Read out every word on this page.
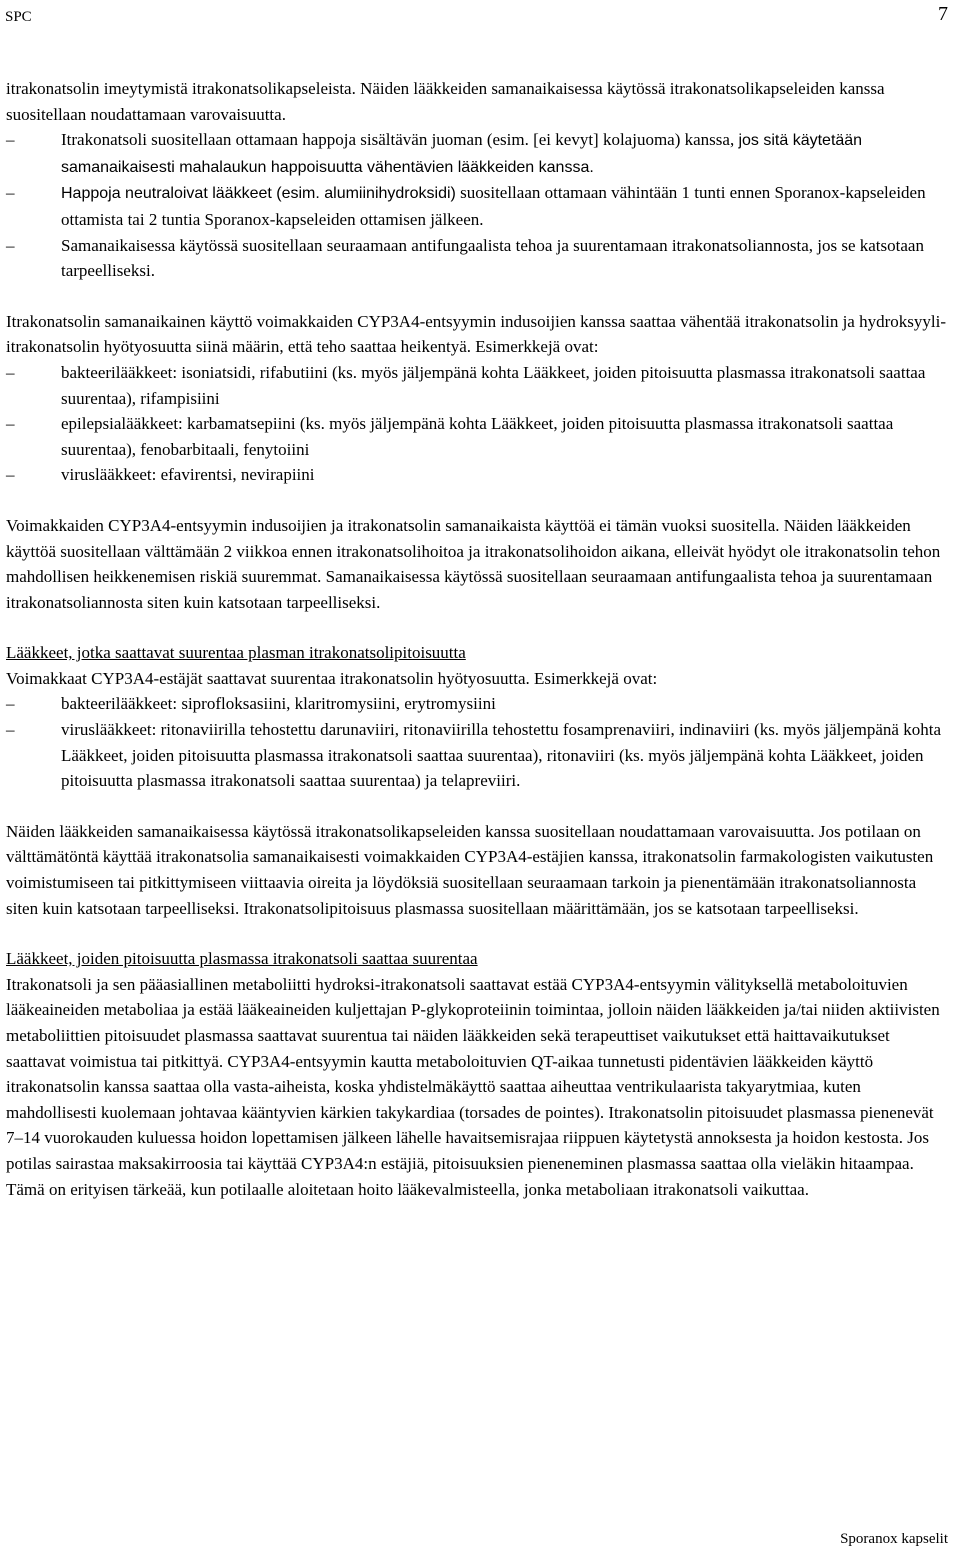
SPC	7

itrakonatsolin imeytymistä itrakonatsolikapseleista. Näiden lääkkeiden samanaikaisessa käytössä itrakonatsolikapseleiden kanssa suositellaan noudattamaan varovaisuutta.

– Itrakonatsoli suositellaan ottamaan happoja sisältävän juoman (esim. [ei kevyt] kolajuoma) kanssa, jos sitä käytetään samanaikaisesti mahalaukun happoisuutta vähentävien lääkkeiden kanssa.
– Happoja neutraloivat lääkkeet (esim. alumiinihydroksidi) suositellaan ottamaan vähintään 1 tunti ennen Sporanox-kapseleiden ottamista tai 2 tuntia Sporanox-kapseleiden ottamisen jälkeen.
– Samanaikaisessa käytössä suositellaan seuraamaan antifungaalista tehoa ja suurentamaan itrakonatsoliannosta, jos se katsotaan tarpeelliseksi.

Itrakonatsolin samanaikainen käyttö voimakkaiden CYP3A4-entsyymin indusoijien kanssa saattaa vähentää itrakonatsolin ja hydroksyyli-itrakonatsolin hyötyosuutta siinä määrin, että teho saattaa heikentyä. Esimerkkejä ovat:

– bakteerilääkkeet: isoniatsidi, rifabutiini (ks. myös jäljempänä kohta Lääkkeet, joiden pitoisuutta plasmassa itrakonatsoli saattaa suurentaa), rifampisiini
– epilepsialääkkeet: karbamatsepiini (ks. myös jäljempänä kohta Lääkkeet, joiden pitoisuutta plasmassa itrakonatsoli saattaa suurentaa), fenobarbitaali, fenytoiini
– viruslääkkeet: efavirentsi, nevirapiini

Voimakkaiden CYP3A4-entsyymin indusoijien ja itrakonatsolin samanaikaista käyttöä ei tämän vuoksi suositella. Näiden lääkkeiden käyttöä suositellaan välttämään 2 viikkoa ennen itrakonatsolihoitoa ja itrakonatsolihoidon aikana, elleivät hyödyt ole itrakonatsolin tehon mahdollisen heikkenemisen riskiä suuremmat. Samanaikaisessa käytössä suositellaan seuraamaan antifungaalista tehoa ja suurentamaan itrakonatsoliannosta siten kuin katsotaan tarpeelliseksi.

Lääkkeet, jotka saattavat suurentaa plasman itrakonatsolipitoisuutta

Voimakkaat CYP3A4-estäjät saattavat suurentaa itrakonatsolin hyötyosuutta. Esimerkkejä ovat:

– bakteerilääkkeet: siprofloksasiini, klaritromysiini, erytromysiini
– viruslääkkeet: ritonaviirilla tehostettu darunaviiri, ritonaviirilla tehostettu fosamprenaviiri, indinaviiri (ks. myös jäljempänä kohta Lääkkeet, joiden pitoisuutta plasmassa itrakonatsoli saattaa suurentaa), ritonaviiri (ks. myös jäljempänä kohta Lääkkeet, joiden pitoisuutta plasmassa itrakonatsoli saattaa suurentaa) ja telapreviiri.

Näiden lääkkeiden samanaikaisessa käytössä itrakonatsolikapseleiden kanssa suositellaan noudattamaan varovaisuutta. Jos potilaan on välttämätöntä käyttää itrakonatsolia samanaikaisesti voimakkaiden CYP3A4-estäjien kanssa, itrakonatsolin farmakologisten vaikutusten voimistumiseen tai pitkittymiseen viittaavia oireita ja löydöksiä suositellaan seuraamaan tarkoin ja pienentämään itrakonatsoliannosta siten kuin katsotaan tarpeelliseksi. Itrakonatsolipitoisuus plasmassa suositellaan määrittämään, jos se katsotaan tarpeelliseksi.

Lääkkeet, joiden pitoisuutta plasmassa itrakonatsoli saattaa suurentaa

Itrakonatsoli ja sen pääasiallinen metaboliitti hydroksi-itrakonatsoli saattavat estää CYP3A4-entsyymin välityksellä metaboloituvien lääkeaineiden metaboliaa ja estää lääkeaineiden kuljettajan P-glykoproteiinin toimintaa, jolloin näiden lääkkeiden ja/tai niiden aktiivisten metaboliittien pitoisuudet plasmassa saattavat suurentua tai näiden lääkkeiden sekä terapeuttiset vaikutukset että haittavaikutukset saattavat voimistua tai pitkittyä. CYP3A4-entsyymin kautta metaboloituvien QT-aikaa tunnetusti pidentävien lääkkeiden käyttö itrakonatsolin kanssa saattaa olla vasta-aiheista, koska yhdistelmäkäyttö saattaa aiheuttaa ventrikulaarista takyarytmiaa, kuten mahdollisesti kuolemaan johtavaa kääntyvien kärkien takykardiaa (torsades de pointes). Itrakonatsolin pitoisuudet plasmassa pienenevät 7–14 vuorokauden kuluessa hoidon lopettamisen jälkeen lähelle havaitsemisrajaa riippuen käytetystä annoksesta ja hoidon kestosta. Jos potilas sairastaa maksakirroosia tai käyttää CYP3A4:n estäjiä, pitoisuuksien pieneneminen plasmassa saattaa olla vieläkin hitaampaa. Tämä on erityisen tärkeää, kun potilaalle aloitetaan hoito lääkevalmisteella, jonka metaboliaan itrakonatsoli vaikuttaa.

Sporanox kapselit
